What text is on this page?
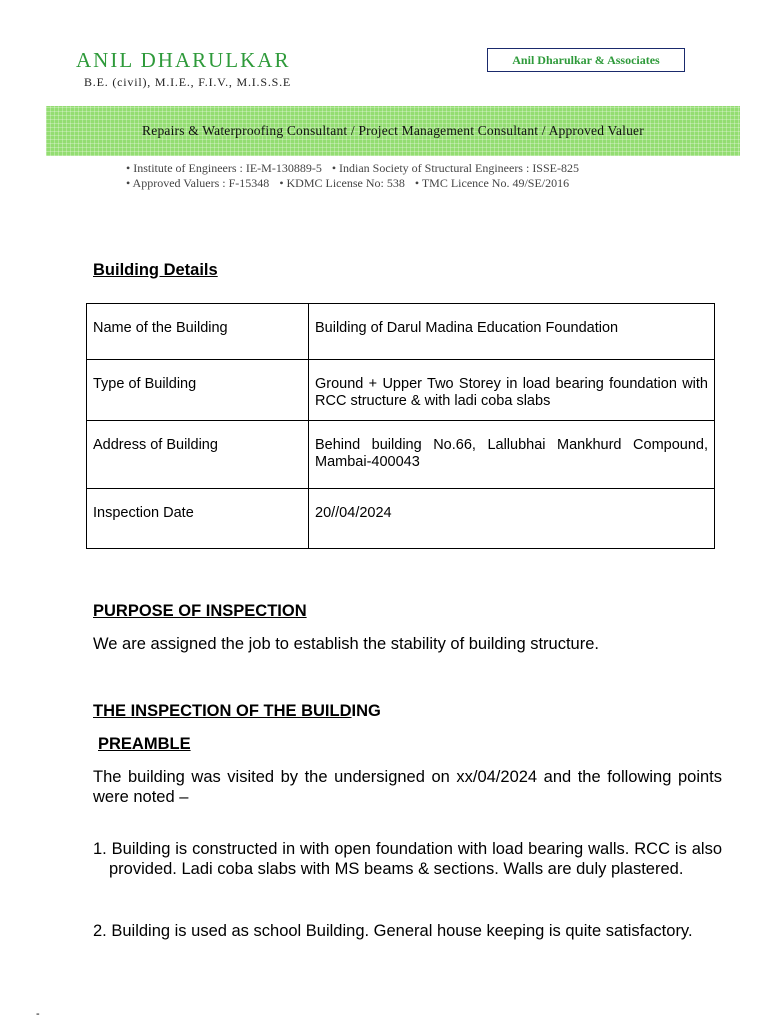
ANIL DHARULKAR
B.E. (civil), M.I.E., F.I.V., M.I.S.S.E
Anil Dharulkar & Associates
Repairs & Waterproofing Consultant / Project Management Consultant / Approved Valuer
• Institute of Engineers : IE-M-130889-5 • Indian Society of Structural Engineers : ISSE-825
• Approved Valuers : F-15348 • KDMC License No: 538 • TMC Licence No. 49/SE/2016
Building Details
Name of the Building	Building of Darul Madina Education Foundation
Type of Building	Ground + Upper Two Storey in load bearing foundation with RCC structure & with ladi coba slabs
Address of Building	Behind building No.66, Lallubhai Mankhurd Compound, Mambai-400043
Inspection Date	20//04/2024
PURPOSE OF INSPECTION
We are assigned the job to establish the stability of building structure.
THE INSPECTION OF THE BUILDING
PREAMBLE
The building was visited by the undersigned on xx/04/2024 and the following points were noted –
1. Building is constructed in with open foundation with load bearing walls. RCC is also provided. Ladi coba slabs with MS beams & sections. Walls are duly plastered.
2. Building is used as school Building. General house keeping is quite satisfactory.
-
